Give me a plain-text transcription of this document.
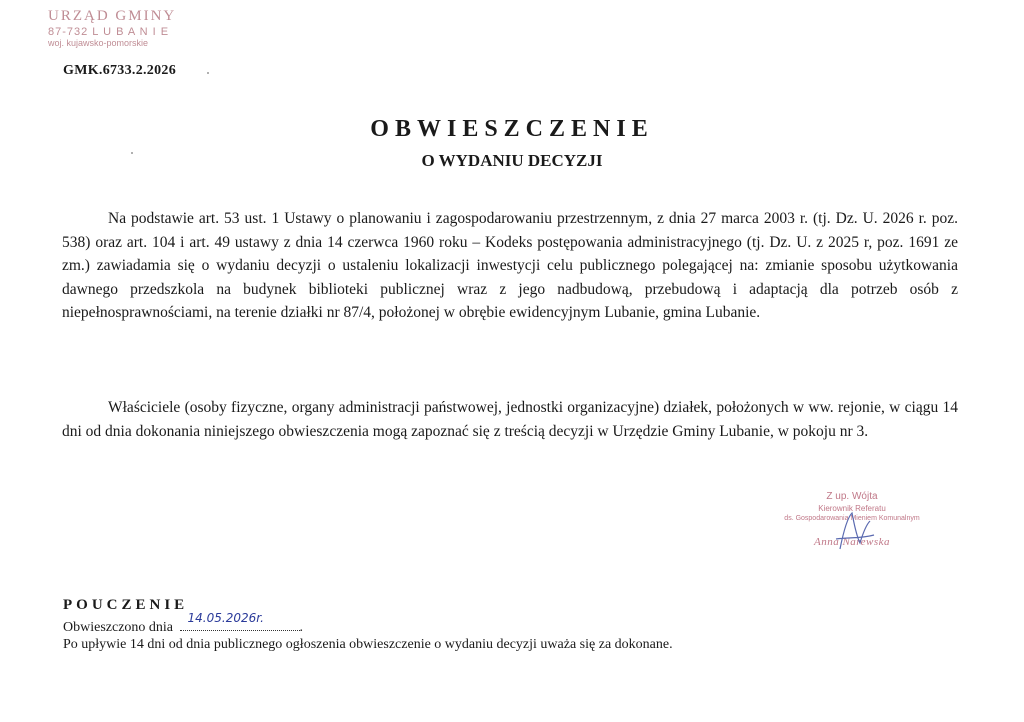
URZĄD GMINY
87-732 L U B A N I E
woj. kujawsko-pomorskie
GMK.6733.2.2026
OBWIESZCZENIE
O WYDANIU DECYZJI

Na podstawie art. 53 ust. 1 Ustawy o planowaniu i zagospodarowaniu przestrzennym, z dnia 27 marca 2003 r. (tj. Dz. U. 2026 r. poz. 538) oraz art. 104 i art. 49 ustawy z dnia 14 czerwca 1960 roku – Kodeks postępowania administracyjnego (tj. Dz. U. z 2025 r, poz. 1691 ze zm.) zawiadamia się o wydaniu decyzji o ustaleniu lokalizacji inwestycji celu publicznego polegającej na: zmianie sposobu użytkowania dawnego przedszkola na budynek biblioteki publicznej wraz z jego nadbudową, przebudową i adaptacją dla potrzeb osób z niepełnosprawnościami, na terenie działki nr 87/4, położonej w obrębie ewidencyjnym Lubanie, gmina Lubanie.

Właściciele (osoby fizyczne, organy administracji państwowej, jednostki organizacyjne) działek, położonych w ww. rejonie, w ciągu 14 dni od dnia dokonania niniejszego obwieszczenia mogą zapoznać się z treścią decyzji w Urzędzie Gminy Lubanie, w pokoju nr 3.

Z up. Wójta
Kierownik Referatu
ds. Gospodarowania Mieniem Komunalnym
Anna Narewska
POUCZENIE
Obwieszczono dnia
14.05.2026r.
.
Po upływie 14 dni od dnia publicznego ogłoszenia obwieszczenie o wydaniu decyzji uważa się za dokonane.
